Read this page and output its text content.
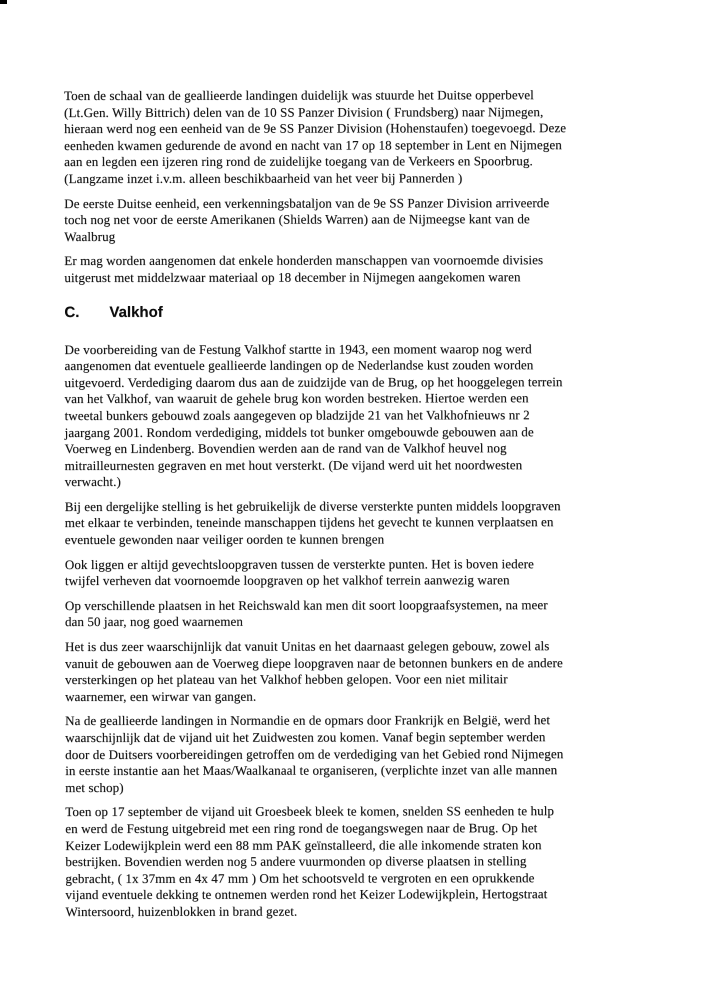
Toen de schaal van de geallieerde landingen duidelijk was stuurde het Duitse opperbevel
(Lt.Gen. Willy Bittrich) delen van de 10 SS Panzer Division ( Frundsberg) naar Nijmegen,
hieraan werd nog een eenheid van de 9e SS Panzer Division (Hohenstaufen) toegevoegd. Deze
eenheden kwamen gedurende de avond en nacht van 17 op 18 september in Lent en Nijmegen
aan en legden een ijzeren ring rond de zuidelijke toegang van de Verkeers en Spoorbrug.
(Langzame inzet i.v.m. alleen beschikbaarheid van het veer bij Pannerden )

De eerste Duitse eenheid, een verkenningsbataljon van de 9e SS Panzer Division arriveerde
toch nog net voor de eerste Amerikanen (Shields Warren) aan de Nijmeegse kant van de
Waalbrug

Er mag worden aangenomen dat enkele honderden manschappen van voornoemde divisies
uitgerust met middelzwaar materiaal op 18 december in Nijmegen aangekomen waren

C. Valkhof

De voorbereiding van de Festung Valkhof startte in 1943, een moment waarop nog werd
aangenomen dat eventuele geallieerde landingen op de Nederlandse kust zouden worden
uitgevoerd. Verdediging daarom dus aan de zuidzijde van de Brug, op het hooggelegen terrein
van het Valkhof, van waaruit de gehele brug kon worden bestreken. Hiertoe werden een
tweetal bunkers gebouwd zoals aangegeven op bladzijde 21 van het Valkhofnieuws nr 2
jaargang 2001. Rondom verdediging, middels tot bunker omgebouwde gebouwen aan de
Voerweg en Lindenberg. Bovendien werden aan de rand van de Valkhof heuvel nog
mitrailleurnesten gegraven en met hout versterkt. (De vijand werd uit het noordwesten
verwacht.)

Bij een dergelijke stelling is het gebruikelijk de diverse versterkte punten middels loopgraven
met elkaar te verbinden, teneinde manschappen tijdens het gevecht te kunnen verplaatsen en
eventuele gewonden naar veiliger oorden te kunnen brengen

Ook liggen er altijd gevechtsloopgraven tussen de versterkte punten. Het is boven iedere
twijfel verheven dat voornoemde loopgraven op het valkhof terrein aanwezig waren

Op verschillende plaatsen in het Reichswald kan men dit soort loopgraafsystemen, na meer
dan 50 jaar, nog goed waarnemen

Het is dus zeer waarschijnlijk dat vanuit Unitas en het daarnaast gelegen gebouw, zowel als
vanuit de gebouwen aan de Voerweg diepe loopgraven naar de betonnen bunkers en de andere
versterkingen op het plateau van het Valkhof hebben gelopen. Voor een niet militair
waarnemer, een wirwar van gangen.

Na de geallieerde landingen in Normandie en de opmars door Frankrijk en België, werd het
waarschijnlijk dat de vijand uit het Zuidwesten zou komen. Vanaf begin september werden
door de Duitsers voorbereidingen getroffen om de verdediging van het Gebied rond Nijmegen
in eerste instantie aan het Maas/Waalkanaal te organiseren, (verplichte inzet van alle mannen
met schop)

Toen op 17 september de vijand uit Groesbeek bleek te komen, snelden SS eenheden te hulp
en werd de Festung uitgebreid met een ring rond de toegangswegen naar de Brug. Op het
Keizer Lodewijkplein werd een 88 mm PAK geïnstalleerd, die alle inkomende straten kon
bestrijken. Bovendien werden nog 5 andere vuurmonden op diverse plaatsen in stelling
gebracht, ( 1x 37mm en 4x 47 mm ) Om het schootsveld te vergroten en een oprukkende
vijand eventuele dekking te ontnemen werden rond het Keizer Lodewijkplein, Hertogstraat
Wintersoord, huizenblokken in brand gezet.
